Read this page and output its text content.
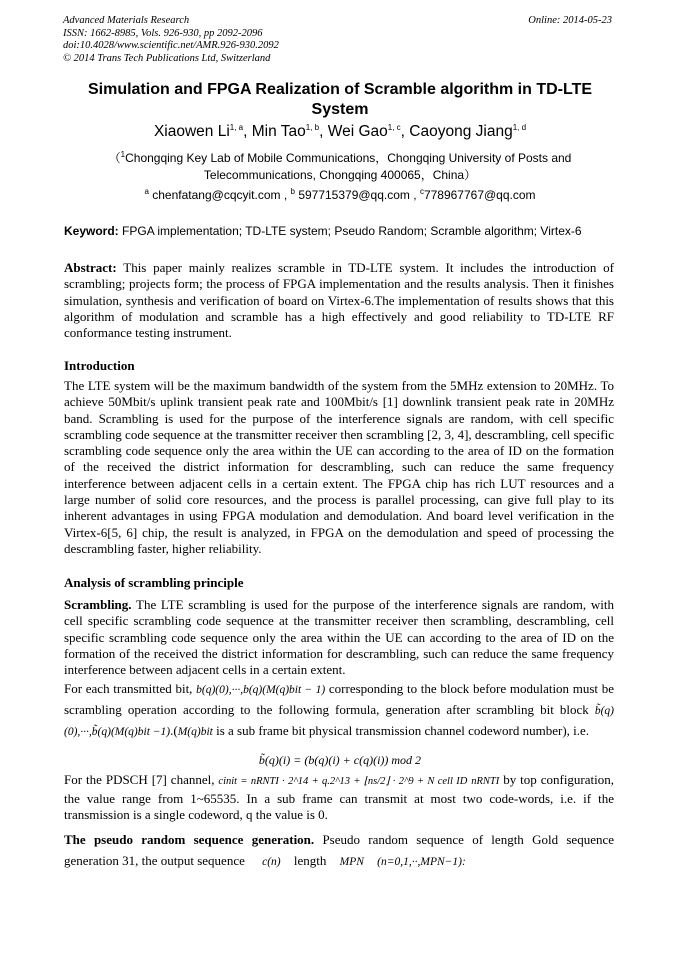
Advanced Materials Research
ISSN: 1662-8985, Vols. 926-930, pp 2092-2096
doi:10.4028/www.scientific.net/AMR.926-930.2092
© 2014 Trans Tech Publications Ltd, Switzerland
Online: 2014-05-23
Simulation and FPGA Realization of Scramble algorithm in TD-LTE System
Xiaowen Li$^{1, a}$, Min Tao$^{1, b}$, Wei Gao$^{1, c}$, Caoyong Jiang$^{1, d}$
（$^1$Chongqing Key Lab of Mobile Communications，Chongqing University of Posts and
Telecommunications, Chongqing 400065，China）
$^a$ chenfatang@cqcyit.com , $^b$ 597715379@qq.com , $^c$778967767@qq.com
Keyword: FPGA implementation; TD-LTE system; Pseudo Random; Scramble algorithm; Virtex-6
Abstract: This paper mainly realizes scramble in TD-LTE system. It includes the introduction of scrambling; projects form; the process of FPGA implementation and the results analysis. Then it finishes simulation, synthesis and verification of board on Virtex-6.The implementation of results shows that this algorithm of modulation and scramble has a high effectively and good reliability to TD-LTE RF conformance testing instrument.
Introduction
The LTE system will be the maximum bandwidth of the system from the 5MHz extension to 20MHz. To achieve 50Mbit/s uplink transient peak rate and 100Mbit/s [1] downlink transient peak rate in 20MHz band. Scrambling is used for the purpose of the interference signals are random, with cell specific scrambling code sequence at the transmitter receiver then scrambling [2, 3, 4], descrambling, cell specific scrambling code sequence only the area within the UE can according to the area of ID on the formation of the received the district information for descrambling, such can reduce the same frequency interference between adjacent cells in a certain extent. The FPGA chip has rich LUT resources and a large number of solid core resources, and the process is parallel processing, can give full play to its inherent advantages in using FPGA modulation and demodulation. And board level verification in the Virtex-6[5, 6] chip, the result is analyzed, in FPGA on the demodulation and speed of processing the descrambling faster, higher reliability.
Analysis of scrambling principle
Scrambling. The LTE scrambling is used for the purpose of the interference signals are random, with cell specific scrambling code sequence at the transmitter receiver then scrambling, descrambling, cell specific scrambling code sequence only the area within the UE can according to the area of ID on the formation of the received the district information for descrambling, such can reduce the same frequency interference between adjacent cells in a certain extent.
For each transmitted bit, b(q)(0),···,b(q)(M(q)bit − 1) corresponding to the block before modulation must be scrambling operation according to the following formula, generation after scrambling bit block b̃(q)(0),···,b̃(q)(M(q)bit −1).(M(q)bit is a sub frame bit physical transmission channel codeword number), i.e.
b̃(q)(i) = (b(q)(i) + c(q)(i)) mod 2
For the PDSCH [7] channel, cinit = nRNTI · 2^14 + q.2^13 + ⌊ns/2⌋ · 2^9 + N cell ID nRNTI by top configuration, the value range from 1~65535. In a sub frame can transmit at most two code-words, i.e. if the transmission is a single codeword, q the value is 0.
The pseudo random sequence generation. Pseudo random sequence of length Gold sequence generation 31, the output sequence c(n) length MPN (n=0,1,··,MPN−1):
